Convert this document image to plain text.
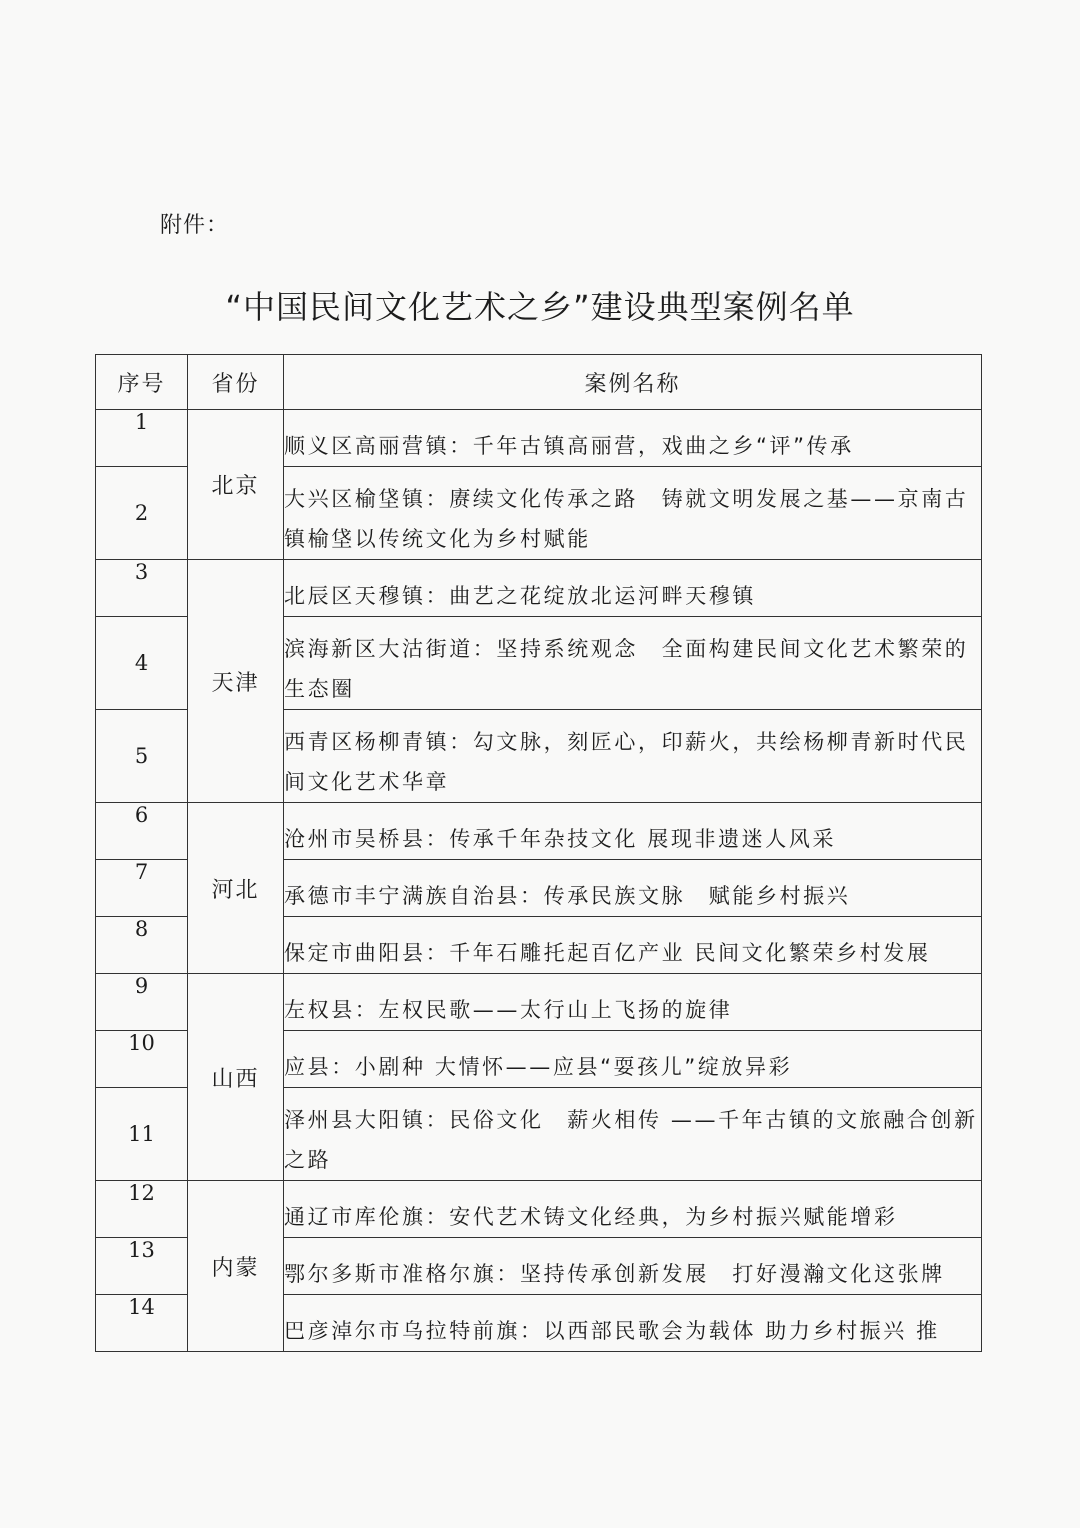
附件：
“中国民间文化艺术之乡”建设典型案例名单
序号	省份	案例名称
1	北京	顺义区高丽营镇：千年古镇高丽营，戏曲之乡“评”传承
2		大兴区榆垡镇：赓续文化传承之路　铸就文明发展之基——京南古镇榆垡以传统文化为乡村赋能
3	天津	北辰区天穆镇：曲艺之花绽放北运河畔天穆镇
4		滨海新区大沽街道：坚持系统观念　全面构建民间文化艺术繁荣的生态圈
5		西青区杨柳青镇：勾文脉，刻匠心，印薪火，共绘杨柳青新时代民间文化艺术华章
6	河北	沧州市吴桥县：传承千年杂技文化 展现非遗迷人风采
7		承德市丰宁满族自治县：传承民族文脉　赋能乡村振兴
8		保定市曲阳县：千年石雕托起百亿产业 民间文化繁荣乡村发展
9	山西	左权县：左权民歌——太行山上飞扬的旋律
10		应县：小剧种 大情怀——应县“耍孩儿”绽放异彩
11		泽州县大阳镇：民俗文化　薪火相传 ——千年古镇的文旅融合创新之路
12	内蒙	通辽市库伦旗：安代艺术铸文化经典，为乡村振兴赋能增彩
13		鄂尔多斯市准格尔旗：坚持传承创新发展　打好漫瀚文化这张牌
14		巴彦淖尔市乌拉特前旗：以西部民歌会为载体 助力乡村振兴 推
